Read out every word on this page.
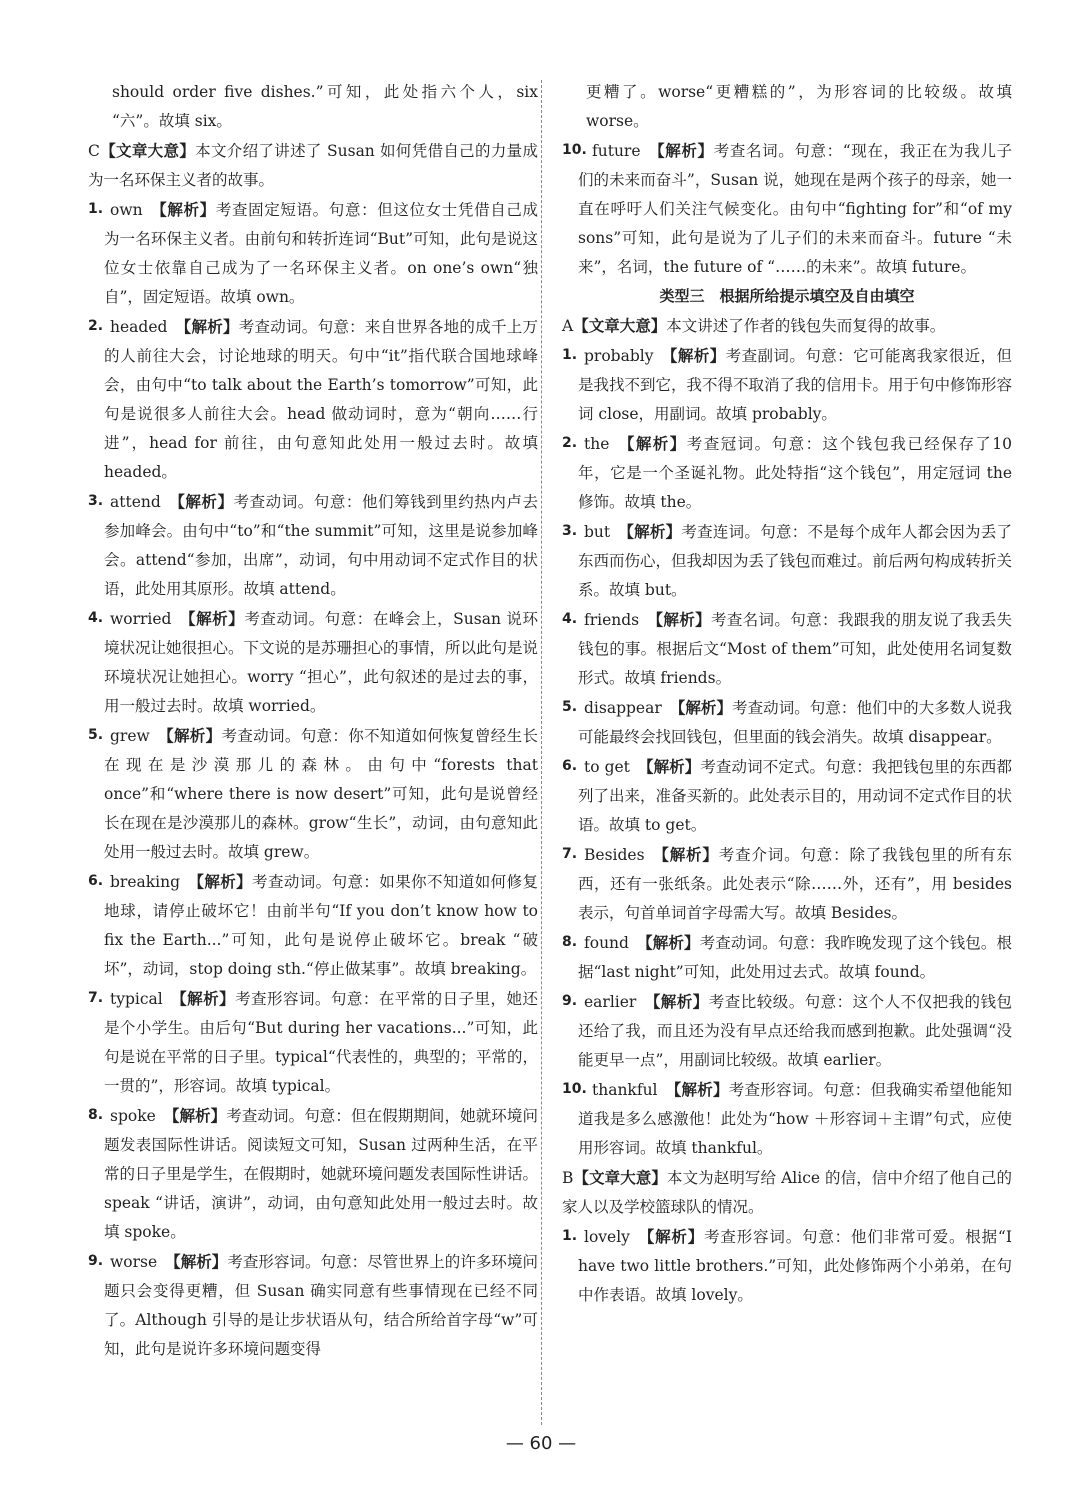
should order five dishes.”可知，此处指六个人，six “六”。故填 six。
C【文章大意】本文介绍了讲述了 Susan 如何凭借自己的力量成为一名环保主义者的故事。
1. own 【解析】考查固定短语。句意：但这位女士凭借自己成为一名环保主义者。由前句和转折连词“But”可知，此句是说这位女士依靠自己成为了一名环保主义者。on one’s own“独自”，固定短语。故填 own。
2. headed 【解析】考查动词。句意：来自世界各地的成千上万的人前往大会，讨论地球的明天。句中“it”指代联合国地球峰会，由句中“to talk about the Earth’s tomorrow”可知，此句是说很多人前往大会。head 做动词时，意为“朝向……行进”，head for 前往，由句意知此处用一般过去时。故填 headed。
3. attend 【解析】考查动词。句意：他们筹钱到里约热内卢去参加峰会。由句中“to”和“the summit”可知，这里是说参加峰会。attend“参加，出席”，动词，句中用动词不定式作目的状语，此处用其原形。故填 attend。
4. worried 【解析】考查动词。句意：在峰会上，Susan 说环境状况让她很担心。下文说的是苏珊担心的事情，所以此句是说环境状况让她担心。worry “担心”，此句叙述的是过去的事，用一般过去时。故填 worried。
5. grew 【解析】考查动词。句意：你不知道如何恢复曾经生长在现在是沙漠那儿的森林。由句中“forests that once”和“where there is now desert”可知，此句是说曾经长在现在是沙漠那儿的森林。grow“生长”，动词，由句意知此处用一般过去时。故填 grew。
6. breaking 【解析】考查动词。句意：如果你不知道如何修复地球，请停止破坏它！由前半句“If you don’t know how to fix the Earth...”可知，此句是说停止破坏它。break “破坏”，动词，stop doing sth.“停止做某事”。故填 breaking。
7. typical 【解析】考查形容词。句意：在平常的日子里，她还是个小学生。由后句“But during her vacations...”可知，此句是说在平常的日子里。typical“代表性的，典型的；平常的，一贯的”，形容词。故填 typical。
8. spoke 【解析】考查动词。句意：但在假期期间，她就环境问题发表国际性讲话。阅读短文可知，Susan 过两种生活，在平常的日子里是学生，在假期时，她就环境问题发表国际性讲话。speak “讲话，演讲”，动词，由句意知此处用一般过去时。故填 spoke。
9. worse 【解析】考查形容词。句意：尽管世界上的许多环境问题只会变得更糟，但 Susan 确实同意有些事情现在已经不同了。Although 引导的是让步状语从句，结合所给首字母“w”可知，此句是说许多环境问题变得
更糟了。worse“更糟糕的”，为形容词的比较级。故填 worse。
10. future 【解析】考查名词。句意：“现在，我正在为我儿子们的未来而奋斗”，Susan 说，她现在是两个孩子的母亲，她一直在呼吁人们关注气候变化。由句中“fighting for”和“of my sons”可知，此句是说为了儿子们的未来而奋斗。future “未来”，名词，the future of “……的未来”。故填 future。
类型三　根据所给提示填空及自由填空
A【文章大意】本文讲述了作者的钱包失而复得的故事。
1. probably 【解析】考查副词。句意：它可能离我家很近，但是我找不到它，我不得不取消了我的信用卡。用于句中修饰形容词 close，用副词。故填 probably。
2. the 【解析】考查冠词。句意：这个钱包我已经保存了10 年，它是一个圣诞礼物。此处特指“这个钱包”，用定冠词 the 修饰。故填 the。
3. but 【解析】考查连词。句意：不是每个成年人都会因为丢了东西而伤心，但我却因为丢了钱包而难过。前后两句构成转折关系。故填 but。
4. friends 【解析】考查名词。句意：我跟我的朋友说了我丢失钱包的事。根据后文“Most of them”可知，此处使用名词复数形式。故填 friends。
5. disappear 【解析】考查动词。句意：他们中的大多数人说我可能最终会找回钱包，但里面的钱会消失。故填 disappear。
6. to get 【解析】考查动词不定式。句意：我把钱包里的东西都列了出来，准备买新的。此处表示目的，用动词不定式作目的状语。故填 to get。
7. Besides 【解析】考查介词。句意：除了我钱包里的所有东西，还有一张纸条。此处表示“除……外，还有”，用 besides 表示，句首单词首字母需大写。故填 Besides。
8. found 【解析】考查动词。句意：我昨晚发现了这个钱包。根据“last night”可知，此处用过去式。故填 found。
9. earlier 【解析】考查比较级。句意：这个人不仅把我的钱包还给了我，而且还为没有早点还给我而感到抱歉。此处强调“没能更早一点”，用副词比较级。故填 earlier。
10. thankful 【解析】考查形容词。句意：但我确实希望他能知道我是多么感激他！此处为“how ＋形容词＋主谓”句式，应使用形容词。故填 thankful。
B【文章大意】本文为赵明写给 Alice 的信，信中介绍了他自己的家人以及学校篮球队的情况。
1. lovely 【解析】考查形容词。句意：他们非常可爱。根据“I have two little brothers.”可知，此处修饰两个小弟弟，在句中作表语。故填 lovely。
— 60 —
